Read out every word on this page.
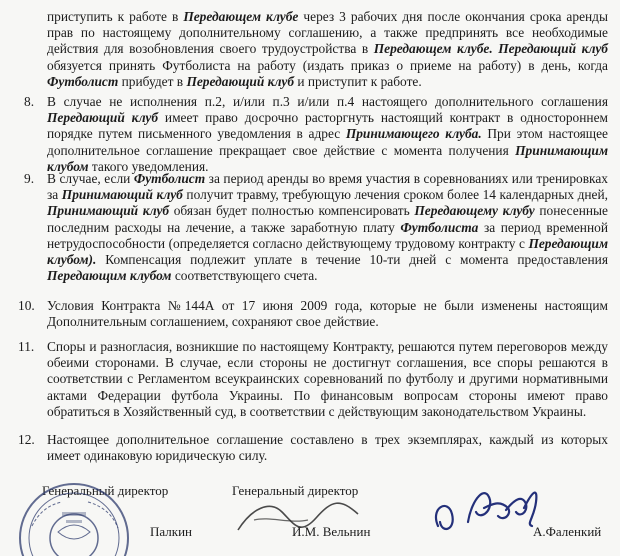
приступить к работе в Передающем клубе через 3 рабочих дня после окончания срока аренды прав по настоящему дополнительному соглашению, а также предпринять все необходимые действия для возобновления своего трудоустройства в Передающем клубе. Передающий клуб обязуется принять Футболиста на работу (издать приказ о приеме на работу) в день, когда Футболист прибудет в Передающий клуб и приступит к работе.
8. В случае не исполнения п.2, и/или п.3 и/или п.4 настоящего дополнительного соглашения Передающий клуб имеет право досрочно расторгнуть настоящий контракт в одностороннем порядке путем письменного уведомления в адрес Принимающего клуба. При этом настоящее дополнительное соглашение прекращает свое действие с момента получения Принимающим клубом такого уведомления.
9. В случае, если Футболист за период аренды во время участия в соревнованиях или тренировках за Принимающий клуб получит травму, требующую лечения сроком более 14 календарных дней, Принимающий клуб обязан будет полностью компенсировать Передающему клубу понесенные последним расходы на лечение, а также заработную плату Футболиста за период временной нетрудоспособности (определяется согласно действующему трудовому контракту с Передающим клубом). Компенсация подлежит уплате в течение 10-ти дней с момента предоставления Передающим клубом соответствующего счета.
10. Условия Контракта №144А от 17 июня 2009 года, которые не были изменены настоящим Дополнительным соглашением, сохраняют свое действие.
11. Споры и разногласия, возникшие по настоящему Контракту, решаются путем переговоров между обеими сторонами. В случае, если стороны не достигнут соглашения, все споры решаются в соответствии с Регламентом всеукраинских соревнований по футболу и другими нормативными актами Федерации футбола Украины. По финансовым вопросам стороны имеют право обратиться в Хозяйственный суд, в соответствии с действующим законодательством Украины.
12. Настоящее дополнительное соглашение составлено в трех экземплярах, каждый из которых имеет одинаковую юридическую силу.
Генеральный директор	Генеральный директор
Палкин	И.М. Вельнин	А.Фаленкий
